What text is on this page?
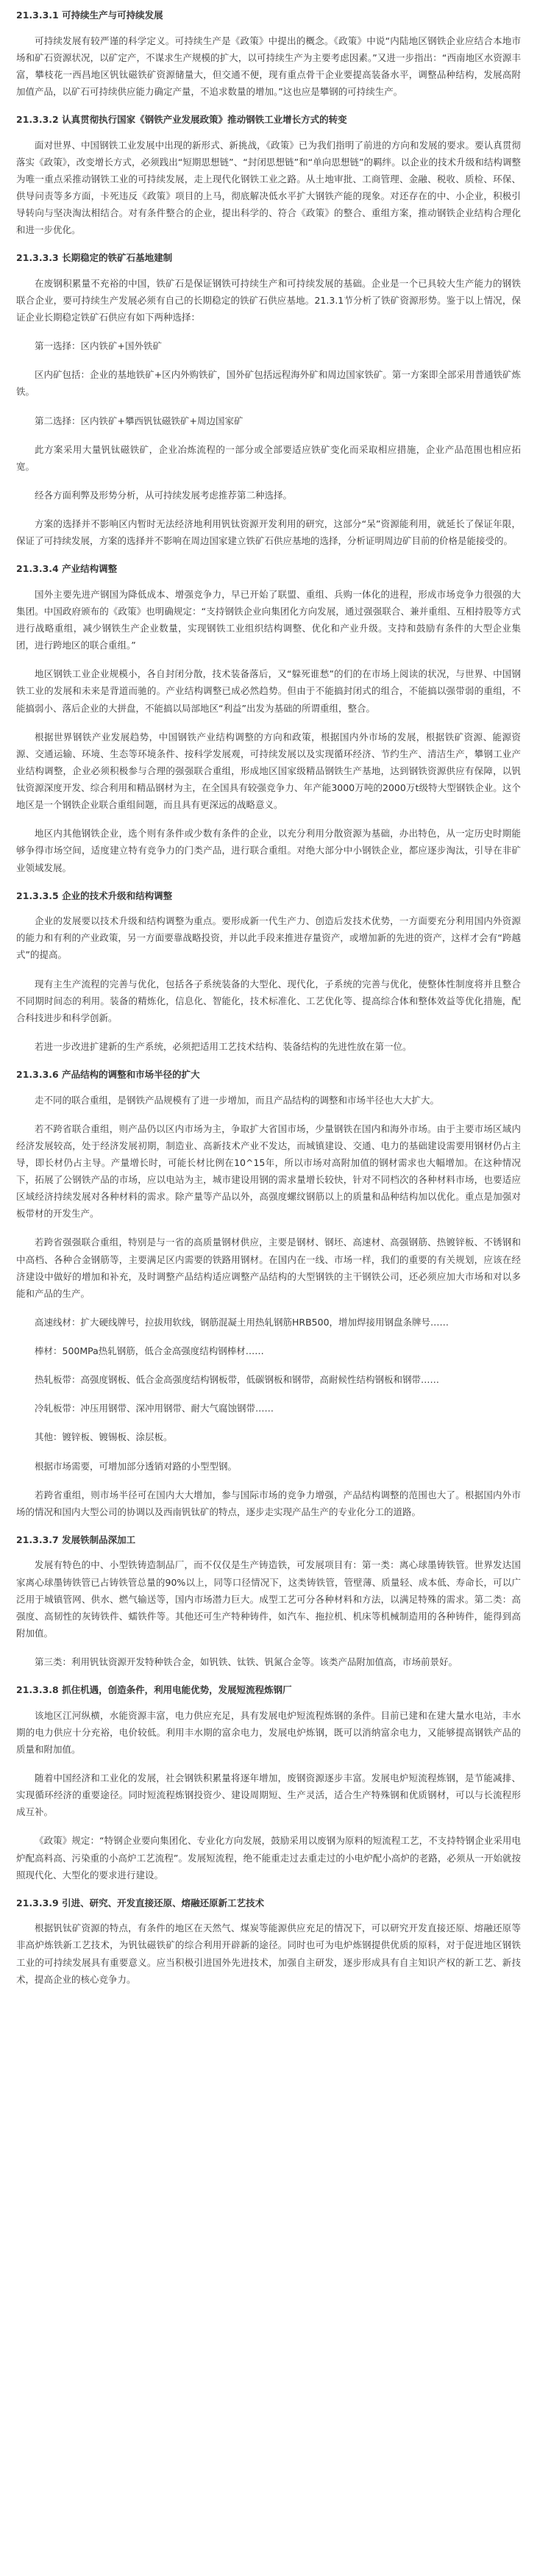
21.3.3.1 可持续生产与可持续发展

可持续发展有较严谨的科学定义。可持续生产是《政策》中提出的概念。《政策》中说“内陆地区钢铁企业应结合本地市场和矿石资源状况，以矿定产，不谋求生产规模的扩大，以可持续生产为主要考虑因素。”又进一步指出：“西南地区水资源丰富，攀枝花一西昌地区钒钛磁铁矿资源储量大，但交通不便，现有重点骨干企业要提高装备水平，调整品种结构，发展高附加值产品，以矿石可持续供应能力确定产量，不追求数量的增加。”这也应是攀钢的可持续生产。

21.3.3.2 认真贯彻执行国家《钢铁产业发展政策》推动钢铁工业增长方式的转变

面对世界、中国钢铁工业发展中出现的新形式、新挑战，《政策》已为我们指明了前进的方向和发展的要求。要认真贯彻落实《政策》，改变增长方式，必须践出“短期思想链”、“封闭思想链”和“单向思想链”的羁绊。以企业的技术升级和结构调整为唯一重点采推动钢铁工业的可持续发展，走上现代化钢铁工业之路。从土地审批、工商管理、金融、税收、质检、环保、供导问责等多方面，卡死违反《政策》项目的上马，彻底解决低水平扩大钢铁产能的现象。对还存在的中、小企业，积极引导转向与坚决淘汰相结合。对有条件整合的企业，提出科学的、符合《政策》的整合、重组方案，推动钢铁企业结构合理化和进一步优化。

21.3.3.3 长期稳定的铁矿石基地建制

在废钢积累量不充裕的中国，铁矿石是保证钢铁可持续生产和可持续发展的基础。企业是一个已具较大生产能力的钢铁联合企业，要可持续生产发展必须有自己的长期稳定的铁矿石供应基地。21.3.1节分析了铁矿资源形势。鉴于以上情况，保证企业长期稳定铁矿石供应有如下两种选择：

第一选择：区内铁矿+国外铁矿

区内矿包括：企业的基地铁矿+区内外购铁矿，国外矿包括远程海外矿和周边国家铁矿。第一方案即全部采用普通铁矿炼铁。

第二选择：区内铁矿+攀西钒钛磁铁矿+周边国家矿

此方案采用大量钒钛磁铁矿，企业冶炼流程的一部分或全部要适应铁矿变化而采取相应措施，企业产品范围也相应拓宽。

经各方面利弊及形势分析，从可持续发展考虑推荐第二种选择。

方案的选择并不影响区内暂时无法经济地利用钒钛资源开发利用的研究，这部分“呆”资源能利用，就延长了保证年限，保证了可持续发展，方案的选择并不影响在周边国家建立铁矿石供应基地的选择，分析证明周边矿目前的价格是能接受的。

21.3.3.4 产业结构调整

国外主要先进产钢国为降低成本、增强竞争力，早已开始了联盟、重组、兵购一体化的进程，形成市场竞争力很强的大集团。中国政府颁布的《政策》也明确规定：“支持钢铁企业向集团化方向发展，通过强强联合、兼并重组、互相持股等方式进行战略重组，减少钢铁生产企业数量，实现钢铁工业组织结构调整、优化和产业升级。支持和鼓励有条件的大型企业集团，进行跨地区的联合重组。”

地区钢铁工业企业规模小，各自封闭分散，技术装备落后，又“躲死谁愁”的们的在市场上阅读的状况，与世界、中国钢铁工业的发展和未来是背道而驰的。产业结构调整已成必然趋势。但由于不能搞封闭式的组合，不能搞以强带弱的重组，不能搞弱小、落后企业的大拼盘，不能搞以局部地区“利益”出发为基础的所谓重组，整合。

根据世界钢铁产业发展趋势，中国钢铁产业结构调整的方向和政策，根据国内外市场的发展，根据铁矿资源、能源资源、交通运输、环境、生态等环境条件、按科学发展观，可持续发展以及实现循环经济、节约生产、清洁生产，攀钢工业产业结构调整，企业必须积极参与合理的强强联合重组，形成地区国家级精品钢铁生产基地，达到钢铁资源供应有保障，以钒钛资源深度开发、综合利用和精品钢材为主，在全国具有较强竞争力、年产能3000万吨的2000万t级特大型钢铁企业。这个地区是一个钢铁企业联合重组间题，而且具有更深远的战略意义。

地区内其他钢铁企业，选个则有条件或少数有条件的企业，以充分利用分散资源为基础，办出特色，从一定历史时期能够争得市场空间，适度建立特有竞争力的门类产品，进行联合重组。对绝大部分中小钢铁企业，都应逐步淘汰，引导在非矿业领域发展。

21.3.3.5 企业的技术升级和结构调整

企业的发展要以技术升级和结构调整为重点。要形成新一代生产力、创造后发技术优势，一方面要充分利用国内外资源的能力和有利的产业政策，另一方面要靠战略投资，并以此手段来推进存量资产，或增加新的先进的资产，这样才会有“跨越式”的提高。

现有主生产流程的完善与优化，包括各子系统装备的大型化、现代化，子系统的完善与优化，使整体性制度将并且整合不同期时间态的利用。装备的精炼化，信息化、智能化，技术标准化、工艺优化等、提高综合体和整体效益等优化措施，配合科技进步和科学创新。

若进一步改进扩建新的生产系统，必须把适用工艺技术结构、装备结构的先进性放在第一位。

21.3.3.6 产品结构的调整和市场半径的扩大

走不同的联合重组，是钢铁产品规模有了进一步增加，而且产品结构的调整和市场半径也大大扩大。

若不跨省联合重组，则产品仍以区内市场为主，争取扩大省国市场，少量钢铁在国内和海外市场。由于主要市场区域内经济发展较高，处于经济发展初期，制造业、高新技术产业不发达，而城镇建设、交通、电力的基础建设需要用钢材仍占主导，即长材仍占主导。产量增长时，可能长材比例在10^15年，所以市场对高附加值的钢材需求也大幅增加。在这种情况下，拓展了公钢铁产品的市场，应以电站为主，城市建设用钢的需求量增长较快，针对不同档次的各种材料市场，也要适应区域经济持续发展对各种材料的需求。除产量等产品以外，高强度螺纹钢筋以上的质量和品种结构加以优化。重点是加强对板带材的开发生产。

若跨省强强联合重组，特别是与一省的高质量钢材供应，主要是钢材、钢坯、高速材、高强钢筋、热镀锌板、不锈钢和中高档、各种合金钢筋等，主要满足区内需要的铁路用钢材。在国内在一线、市场一样，我们的重要的有关规划，应该在经济建设中做好的增加和补充，及时调整产品结构适应调整产品结构的大型钢铁的主干钢铁公司，还必须应加大市场和对以多能和产品的生产。

高速线材：扩大硬线牌号，拉拔用软线，钢筋混凝土用热轧钢筋HRB500，增加焊接用钢盘条牌号……

棒材：500MPa热轧钢筋，低合金高强度结构钢棒材……

热轧板带：高强度钢板、低合金高强度结构钢板带，低碳钢板和钢带，高耐候性结构钢板和钢带……

冷轧板带：冲压用钢带、深冲用钢带、耐大气腐蚀钢带……

其他：镀锌板、镀锡板、涂层板。

根据市场需要，可增加部分透销对路的小型型钢。

若跨省重组，则市场半径可在国内大大增加，参与国际市场的竞争力增强，产品结构调整的范围也大了。根据国内外市场的情况和国内大型公司的协调以及西南钒钛矿的特点，逐步走实现产品生产的专业化分工的道路。

21.3.3.7 发展铁制品深加工

发展有特色的中、小型铁铸造制品厂，而不仅仅是生产铸造铁，可发展项目有：第一类：离心球墨铸铁管。世界发达国家离心球墨铸铁管已占铸铁管总量的90%以上，同等口径情况下，这类铸铁管，管壁薄、质量轻、成本低、寿命长，可以广泛用于城镇管网、供水、燃气输送等，国内市场潜力巨大。成型工艺可分各种材料和方法，以满足特殊的需求。第二类：高强度、高韧性的灰铸铁件、蠕铁件等。其他还可生产特种铸件，如汽车、拖拉机、机床等机械制造用的各种铸件，能得到高附加值。

第三类：利用钒钛资源开发特种铁合金，如钒铁、钛铁、钒氮合金等。该类产品附加值高，市场前景好。

21.3.3.8 抓住机遇，创造条件，利用电能优势，发展短流程炼钢厂

该地区江河纵横，水能资源丰富，电力供应充足，具有发展电炉短流程炼钢的条件。目前已建和在建大量水电站，丰水期的电力供应十分充裕，电价较低。利用丰水期的富余电力，发展电炉炼钢，既可以消纳富余电力，又能够提高钢铁产品的质量和附加值。

随着中国经济和工业化的发展，社会钢铁积累量将逐年增加，废钢资源逐步丰富。发展电炉短流程炼钢，是节能减排、实现循环经济的重要途径。同时短流程炼钢投资少、建设周期短、生产灵活，适合生产特殊钢和优质钢材，可以与长流程形成互补。

《政策》规定：“特钢企业要向集团化、专业化方向发展，鼓励采用以废钢为原料的短流程工艺，不支持特钢企业采用电炉配高料高、污染重的小高炉工艺流程”。发展短流程，绝不能重走过去重走过的小电炉配小高炉的老路，必须从一开始就按照现代化、大型化的要求进行建设。

21.3.3.9 引进、研究、开发直接还原、熔融还原新工艺技术

根据钒钛矿资源的特点，有条件的地区在天然气、煤炭等能源供应充足的情况下，可以研究开发直接还原、熔融还原等非高炉炼铁新工艺技术，为钒钛磁铁矿的综合利用开辟新的途径。同时也可为电炉炼钢提供优质的原料，对于促进地区钢铁工业的可持续发展具有重要意义。应当积极引进国外先进技术，加强自主研发，逐步形成具有自主知识产权的新工艺、新技术，提高企业的核心竞争力。
